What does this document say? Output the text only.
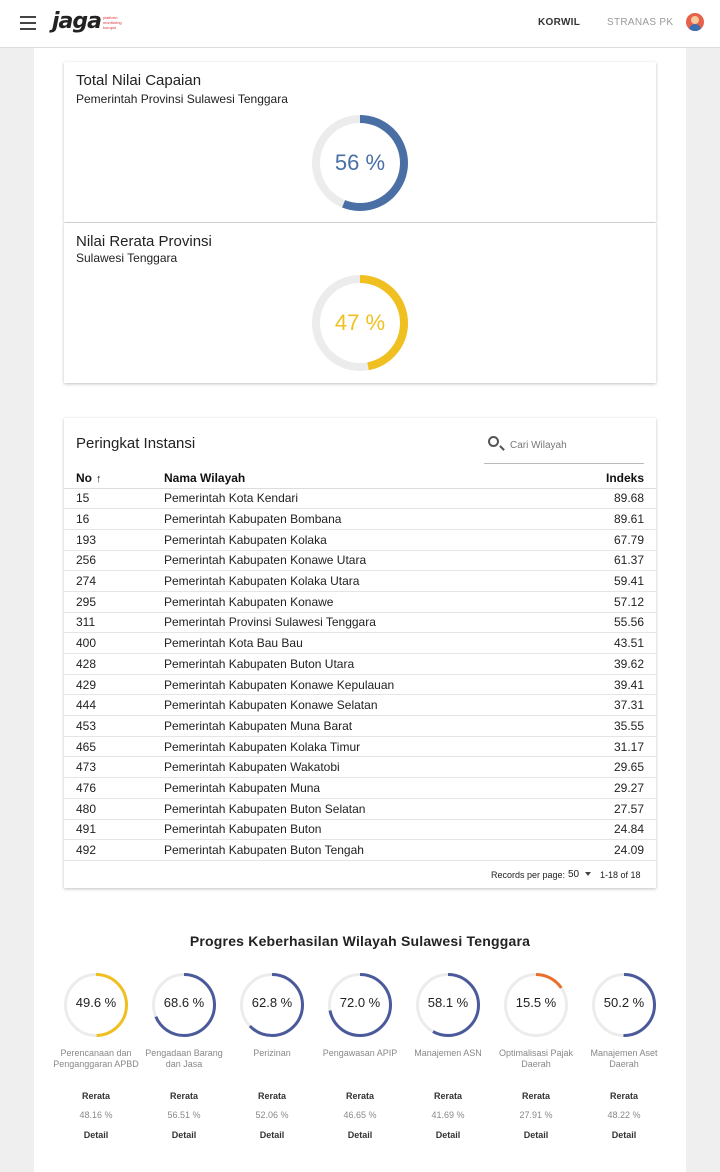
jaga platform monitoring korupsi	KORWIL	STRANAS PK
Total Nilai Capaian
Pemerintah Provinsi Sulawesi Tenggara
56 %
Nilai Rerata Provinsi
Sulawesi Tenggara
47 %
Peringkat Instansi
Cari Wilayah
No ↑	Nama Wilayah	Indeks
15	Pemerintah Kota Kendari	89.68
16	Pemerintah Kabupaten Bombana	89.61
193	Pemerintah Kabupaten Kolaka	67.79
256	Pemerintah Kabupaten Konawe Utara	61.37
274	Pemerintah Kabupaten Kolaka Utara	59.41
295	Pemerintah Kabupaten Konawe	57.12
311	Pemerintah Provinsi Sulawesi Tenggara	55.56
400	Pemerintah Kota Bau Bau	43.51
428	Pemerintah Kabupaten Buton Utara	39.62
429	Pemerintah Kabupaten Konawe Kepulauan	39.41
444	Pemerintah Kabupaten Konawe Selatan	37.31
453	Pemerintah Kabupaten Muna Barat	35.55
465	Pemerintah Kabupaten Kolaka Timur	31.17
473	Pemerintah Kabupaten Wakatobi	29.65
476	Pemerintah Kabupaten Muna	29.27
480	Pemerintah Kabupaten Buton Selatan	27.57
491	Pemerintah Kabupaten Buton	24.84
492	Pemerintah Kabupaten Buton Tengah	24.09
Records per page: 50 1-18 of 18
Progres Keberhasilan Wilayah Sulawesi Tenggara
49.6 %
Perencanaan dan Penganggaran APBD
Rerata
48.16 %
Detail
68.6 %
Pengadaan Barang dan Jasa
Rerata
56.51 %
Detail
62.8 %
Perizinan
Rerata
52.06 %
Detail
72.0 %
Pengawasan APIP
Rerata
46.65 %
Detail
58.1 %
Manajemen ASN
Rerata
41.69 %
Detail
15.5 %
Optimalisasi Pajak Daerah
Rerata
27.91 %
Detail
50.2 %
Manajemen Aset Daerah
Rerata
48.22 %
Detail
